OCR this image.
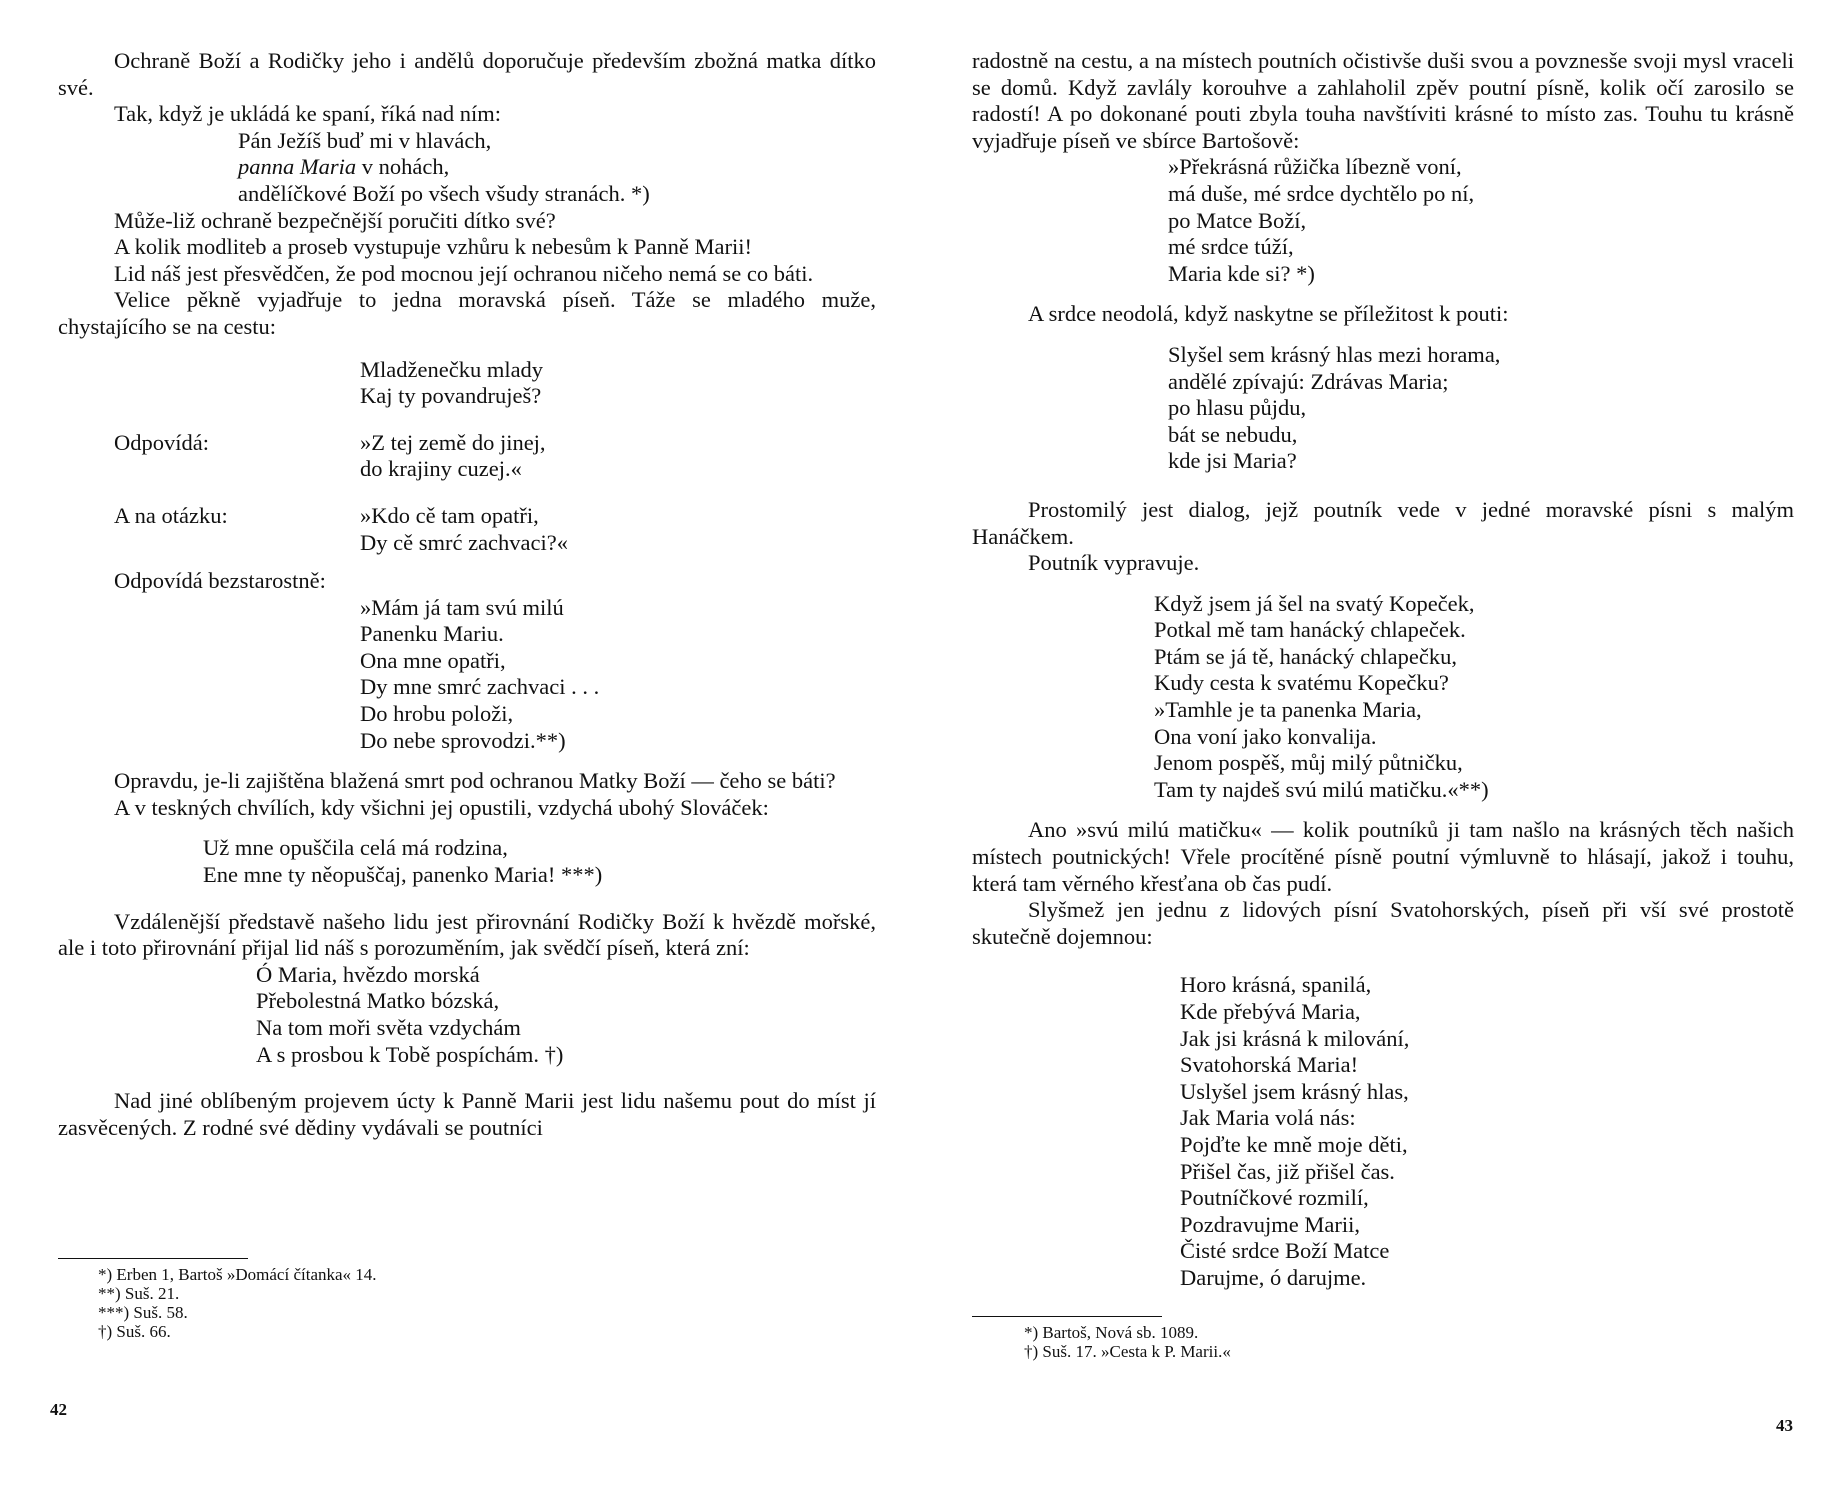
Ochraně Boží a Rodičky jeho i andělů doporučuje především zbožná matka dítko své.

Tak, když je ukládá ke spaní, říká nad ním:

Pán Ježíš buď mi v hlavách,
panna Maria v nohách,
andělíčkové Boží po všech všudy stranách. *)

Může-liž ochraně bezpečnější poručiti dítko své?

A kolik modliteb a proseb vystupuje vzhůru k nebesům k Panně Marii!

Lid náš jest přesvědčen, že pod mocnou její ochranou ničeho nemá se co báti.

Velice pěkně vyjadřuje to jedna moravská píseň. Táže se mladého muže, chystajícího se na cestu:

Mladženečku mlady
Kaj ty povandruješ?
Odpovídá:	»Z tej země do jinej,
do krajiny cuzej.«
A na otázku:	»Kdo cě tam opatři,
Dy cě smrć zachvaci?«

Odpovídá bezstarostně:

»Mám já tam svú milú
Panenku Mariu.
Ona mne opatři,
Dy mne smrć zachvaci . . .
Do hrobu položi,
Do nebe sprovodzi.**)

Opravdu, je-li zajištěna blažená smrt pod ochranou Matky Boží — čeho se báti?

A v teskných chvílích, kdy všichni jej opustili, vzdychá ubohý Slováček:

Už mne opuščila celá má rodzina,
Ene mne ty něopuščaj, panenko Maria! ***)

Vzdálenější představě našeho lidu jest přirovnání Rodičky Boží k hvězdě mořské, ale i toto přirovnání přijal lid náš s porozuměním, jak svědčí píseň, která zní:

Ó Maria, hvězdo morská
Přebolestná Matko bózská,
Na tom moři světa vzdychám
A s prosbou k Tobě pospíchám. †)

Nad jiné oblíbeným projevem úcty k Panně Marii jest lidu našemu pout do míst jí zasvěcených. Z rodné své dědiny vydávali se poutníci

*) Erben 1, Bartoš »Domácí čítanka« 14.
**) Suš. 21.
***) Suš. 58.
†) Suš. 66.
42

radostně na cestu, a na místech poutních očistivše duši svou a povznesše svoji mysl vraceli se domů. Když zavlály korouhve a zahlaholil zpěv poutní písně, kolik očí zarosilo se radostí! A po dokonané pouti zbyla touha navštíviti krásné to místo zas. Touhu tu krásně vyjadřuje píseň ve sbírce Bartošově:

»Překrásná růžička líbezně voní,
má duše, mé srdce dychtělo po ní,
po Matce Boží,
mé srdce túží,
Maria kde si? *)

A srdce neodolá, když naskytne se příležitost k pouti:

Slyšel sem krásný hlas mezi horama,
andělé zpívajú: Zdrávas Maria;
po hlasu půjdu,
bát se nebudu,
kde jsi Maria?

Prostomilý jest dialog, jejž poutník vede v jedné moravské písni s malým Hanáčkem.

Poutník vypravuje.

Když jsem já šel na svatý Kopeček,
Potkal mě tam hanácký chlapeček.
Ptám se já tě, hanácký chlapečku,
Kudy cesta k svatému Kopečku?
»Tamhle je ta panenka Maria,
Ona voní jako konvalija.
Jenom pospěš, můj milý půtničku,
Tam ty najdeš svú milú matičku.«**)

Ano »svú milú matičku« — kolik poutníků ji tam našlo na krásných těch našich místech poutnických! Vřele procítěné písně poutní výmluvně to hlásají, jakož i touhu, která tam věrného křesťana ob čas pudí.

Slyšmež jen jednu z lidových písní Svatohorských, píseň při vší své prostotě skutečně dojemnou:

Horo krásná, spanilá,
Kde přebývá Maria,
Jak jsi krásná k milování,
Svatohorská Maria!
Uslyšel jsem krásný hlas,
Jak Maria volá nás:
Pojďte ke mně moje děti,
Přišel čas, již přišel čas.
Poutníčkové rozmilí,
Pozdravujme Marii,
Čisté srdce Boží Matce
Darujme, ó darujme.
*) Bartoš, Nová sb. 1089.
†) Suš. 17. »Cesta k P. Marii.«
43
